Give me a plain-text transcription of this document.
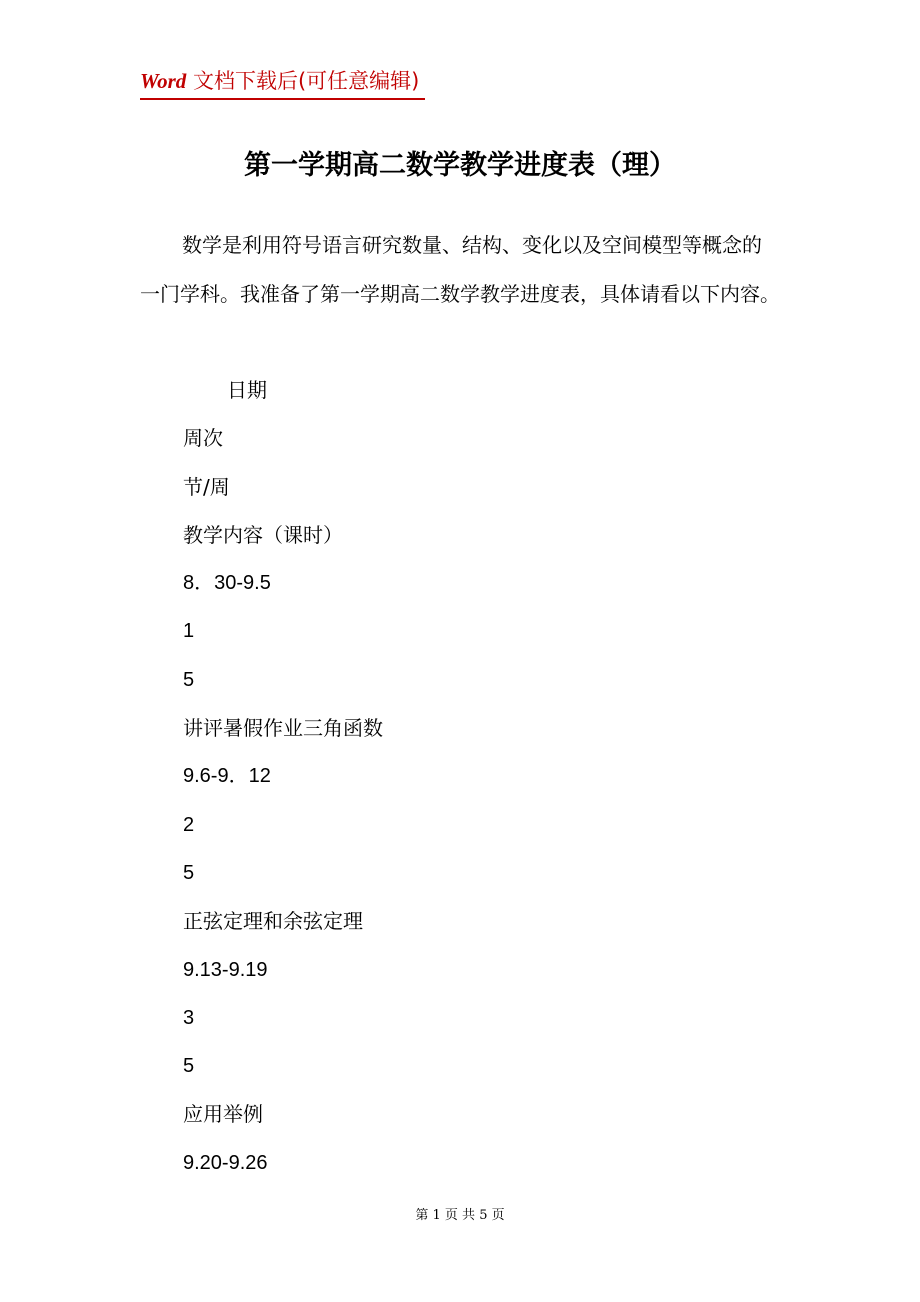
Word 文档下载后(可任意编辑)
第一学期高二数学教学进度表（理）

数学是利用符号语言研究数量、结构、变化以及空间模型等概念的一门学科。我准备了第一学期高二数学教学进度表，具体请看以下内容。

日期
周次
节/周
教学内容（课时）
8．30-9.5
1
5
讲评暑假作业三角函数
9.6-9．12
2
5
正弦定理和余弦定理
9.13-9.19
3
5
应用举例
9.20-9.26
第 1 页 共 5 页
